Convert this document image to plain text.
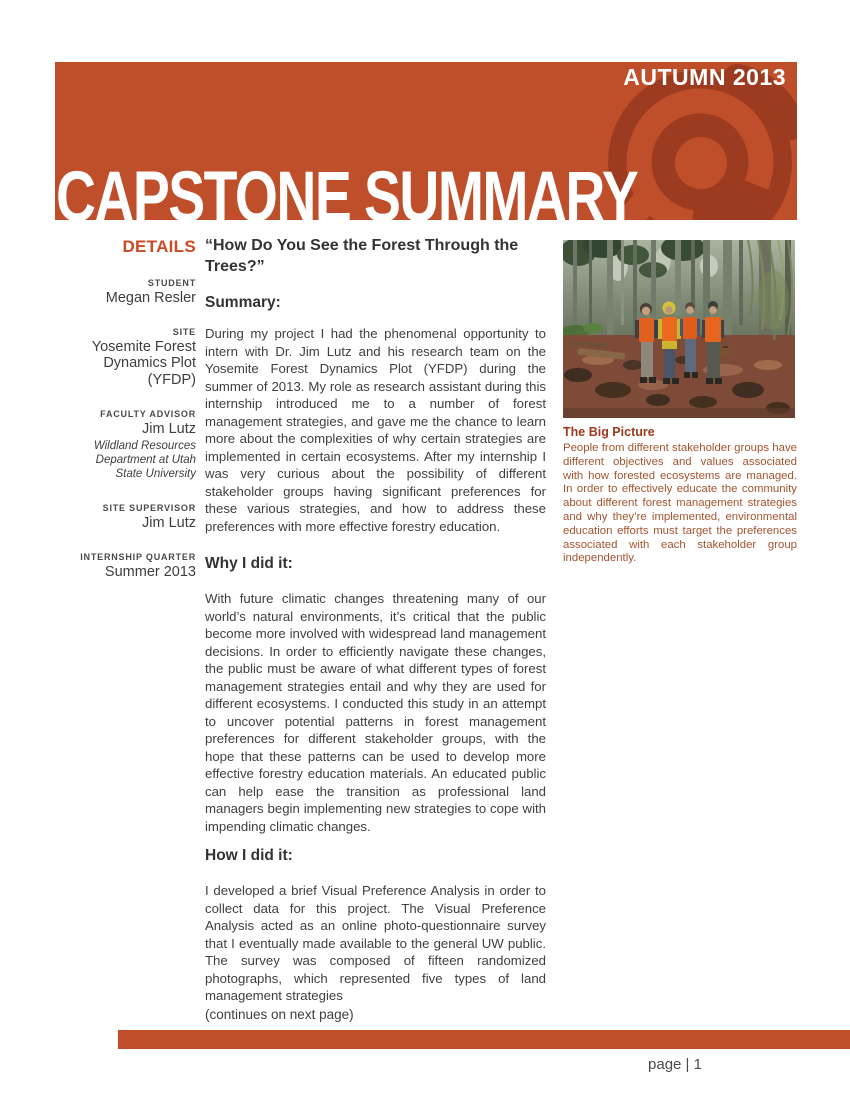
AUTUMN 2013
CAPSTONE SUMMARY
DETAILS
STUDENT
Megan Resler
SITE
Yosemite Forest Dynamics Plot (YFDP)
FACULTY ADVISOR
Jim Lutz
Wildland Resources Department at Utah State University
SITE SUPERVISOR
Jim Lutz
INTERNSHIP QUARTER
Summer 2013
“How Do You See the Forest Through the Trees?”
Summary:
During my project I had the phenomenal opportunity to intern with Dr. Jim Lutz and his research team on the Yosemite Forest Dynamics Plot (YFDP) during the summer of 2013. My role as research assistant during this internship introduced me to a number of forest management strategies, and gave me the chance to learn more about the complexities of why certain strategies are implemented in certain ecosystems. After my internship I was very curious about the possibility of different stakeholder groups having significant preferences for these various strategies, and how to address these preferences with more effective forestry education.
Why I did it:
With future climatic changes threatening many of our world’s natural environments, it’s critical that the public become more involved with widespread land management decisions. In order to efficiently navigate these changes, the public must be aware of what different types of forest management strategies entail and why they are used for different ecosystems. I conducted this study in an attempt to uncover potential patterns in forest management preferences for different stakeholder groups, with the hope that these patterns can be used to develop more effective forestry education materials. An educated public can help ease the transition as professional land managers begin implementing new strategies to cope with impending climatic changes.
How I did it:
I developed a brief Visual Preference Analysis in order to collect data for this project. The Visual Preference Analysis acted as an online photo-questionnaire survey that I eventually made available to the general UW public. The survey was composed of fifteen randomized photographs, which represented five types of land management strategies
(continues on next page)
The Big Picture
People from different stakeholder groups have different objectives and values associated with how forested ecosystems are managed. In order to effectively educate the community about different forest management strategies and why they’re implemented, environmental education efforts must target the preferences associated with each stakeholder group independently.
page | 1
